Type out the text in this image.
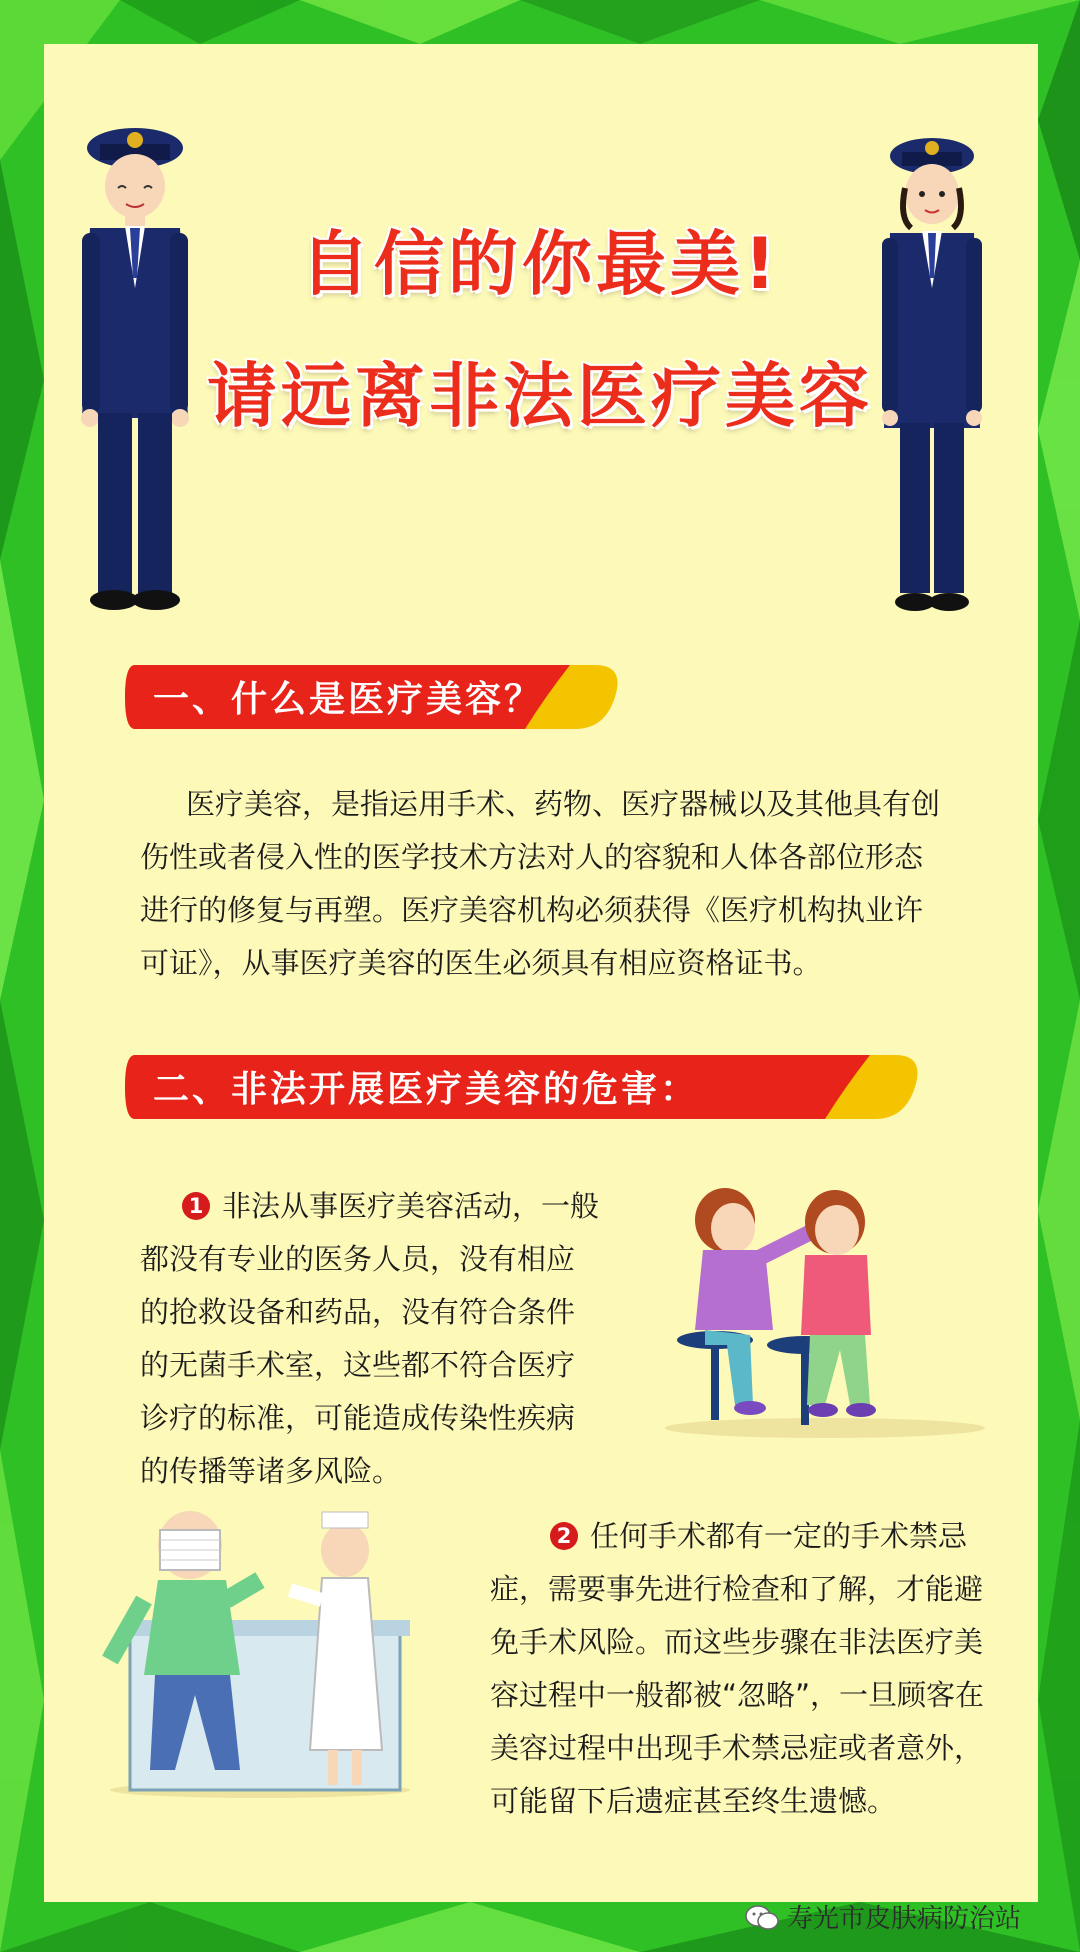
自信的你最美!
请远离非法医疗美容
一、什么是医疗美容？
医疗美容，是指运用手术、药物、医疗器械以及其他具有创
伤性或者侵入性的医学技术方法对人的容貌和人体各部位形态
进行的修复与再塑。医疗美容机构必须获得《医疗机构执业许
可证》，从事医疗美容的医生必须具有相应资格证书。
二、非法开展医疗美容的危害：
1 非法从事医疗美容活动，一般都没有专业的医务人员，没有相应的抢救设备和药品，没有符合条件的无菌手术室，这些都不符合医疗诊疗的标准，可能造成传染性疾病的传播等诸多风险。
2 任何手术都有一定的手术禁忌症，需要事先进行检查和了解，才能避免手术风险。而这些步骤在非法医疗美容过程中一般都被“忽略”，一旦顾客在美容过程中出现手术禁忌症或者意外，可能留下后遗症甚至终生遗憾。
寿光市皮肤病防治站
